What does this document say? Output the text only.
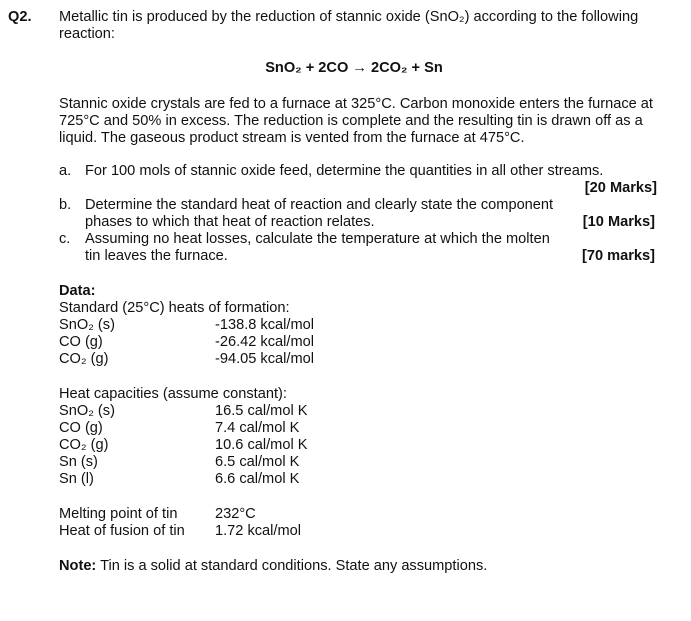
Q2. Metallic tin is produced by the reduction of stannic oxide (SnO₂) according to the following reaction:

SnO₂ + 2CO → 2CO₂ + Sn

Stannic oxide crystals are fed to a furnace at 325°C. Carbon monoxide enters the furnace at 725°C and 50% in excess. The reduction is complete and the resulting tin is drawn off as a liquid. The gaseous product stream is vented from the furnace at 475°C.

a. For 100 mols of stannic oxide feed, determine the quantities in all other streams.
[20 Marks]
b. Determine the standard heat of reaction and clearly state the component phases to which that heat of reaction relates.	[10 Marks]
c. Assuming no heat losses, calculate the temperature at which the molten tin leaves the furnace.	[70 marks]
Data:
Standard (25°C) heats of formation:
SnO₂ (s)	-138.8 kcal/mol
CO (g)	-26.42 kcal/mol
CO₂ (g)	-94.05 kcal/mol
Heat capacities (assume constant):
SnO₂ (s)	16.5 cal/mol K
CO (g)	7.4 cal/mol K
CO₂ (g)	10.6 cal/mol K
Sn (s)	6.5 cal/mol K
Sn (l)	6.6 cal/mol K
Melting point of tin	232°C
Heat of fusion of tin	1.72 kcal/mol
Note: Tin is a solid at standard conditions. State any assumptions.
